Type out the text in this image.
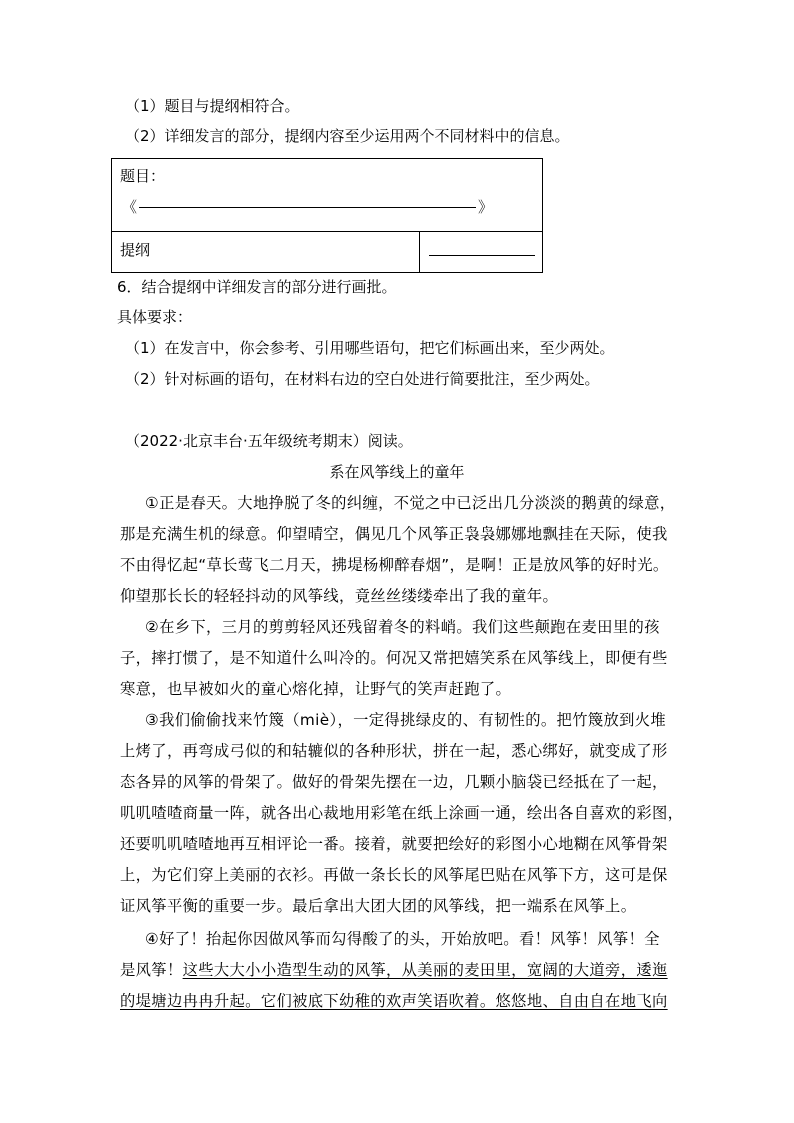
（1）题目与提纲相符合。
（2）详细发言的部分，提纲内容至少运用两个不同材料中的信息。
题目：
《	》
提纲
6．结合提纲中详细发言的部分进行画批。
具体要求：
（1）在发言中，你会参考、引用哪些语句，把它们标画出来，至少两处。
（2）针对标画的语句，在材料右边的空白处进行简要批注，至少两处。
（2022·北京丰台·五年级统考期末）阅读。
系在风筝线上的童年
①正是春天。大地挣脱了冬的纠缠，不觉之中已泛出几分淡淡的鹅黄的绿意，
那是充满生机的绿意。仰望晴空，偶见几个风筝正袅袅娜娜地飘挂在天际，使我
不由得忆起“草长莺飞二月天，拂堤杨柳醉春烟”，是啊！正是放风筝的好时光。
仰望那长长的轻轻抖动的风筝线，竟丝丝缕缕牵出了我的童年。
②在乡下，三月的剪剪轻风还残留着冬的料峭。我们这些颠跑在麦田里的孩
子，摔打惯了，是不知道什么叫冷的。何况又常把嬉笑系在风筝线上，即便有些
寒意，也早被如火的童心熔化掉，让野气的笑声赶跑了。
③我们偷偷找来竹篾（miè），一定得挑绿皮的、有韧性的。把竹篾放到火堆
上烤了，再弯成弓似的和轱辘似的各种形状，拼在一起，悉心绑好，就变成了形
态各异的风筝的骨架了。做好的骨架先摆在一边，几颗小脑袋已经抵在了一起，
叽叽喳喳商量一阵，就各出心裁地用彩笔在纸上涂画一通，绘出各自喜欢的彩图，
还要叽叽喳喳地再互相评论一番。接着，就要把绘好的彩图小心地糊在风筝骨架
上，为它们穿上美丽的衣衫。再做一条长长的风筝尾巴贴在风筝下方，这可是保
证风筝平衡的重要一步。最后拿出大团大团的风筝线，把一端系在风筝上。
④好了！抬起你因做风筝而勾得酸了的头，开始放吧。看！风筝！风筝！全
是风筝！这些大大小小造型生动的风筝，从美丽的麦田里，宽阔的大道旁，逶迤
的堤塘边冉冉升起。它们被底下幼稚的欢声笑语吹着。悠悠地、自由自在地飞向
